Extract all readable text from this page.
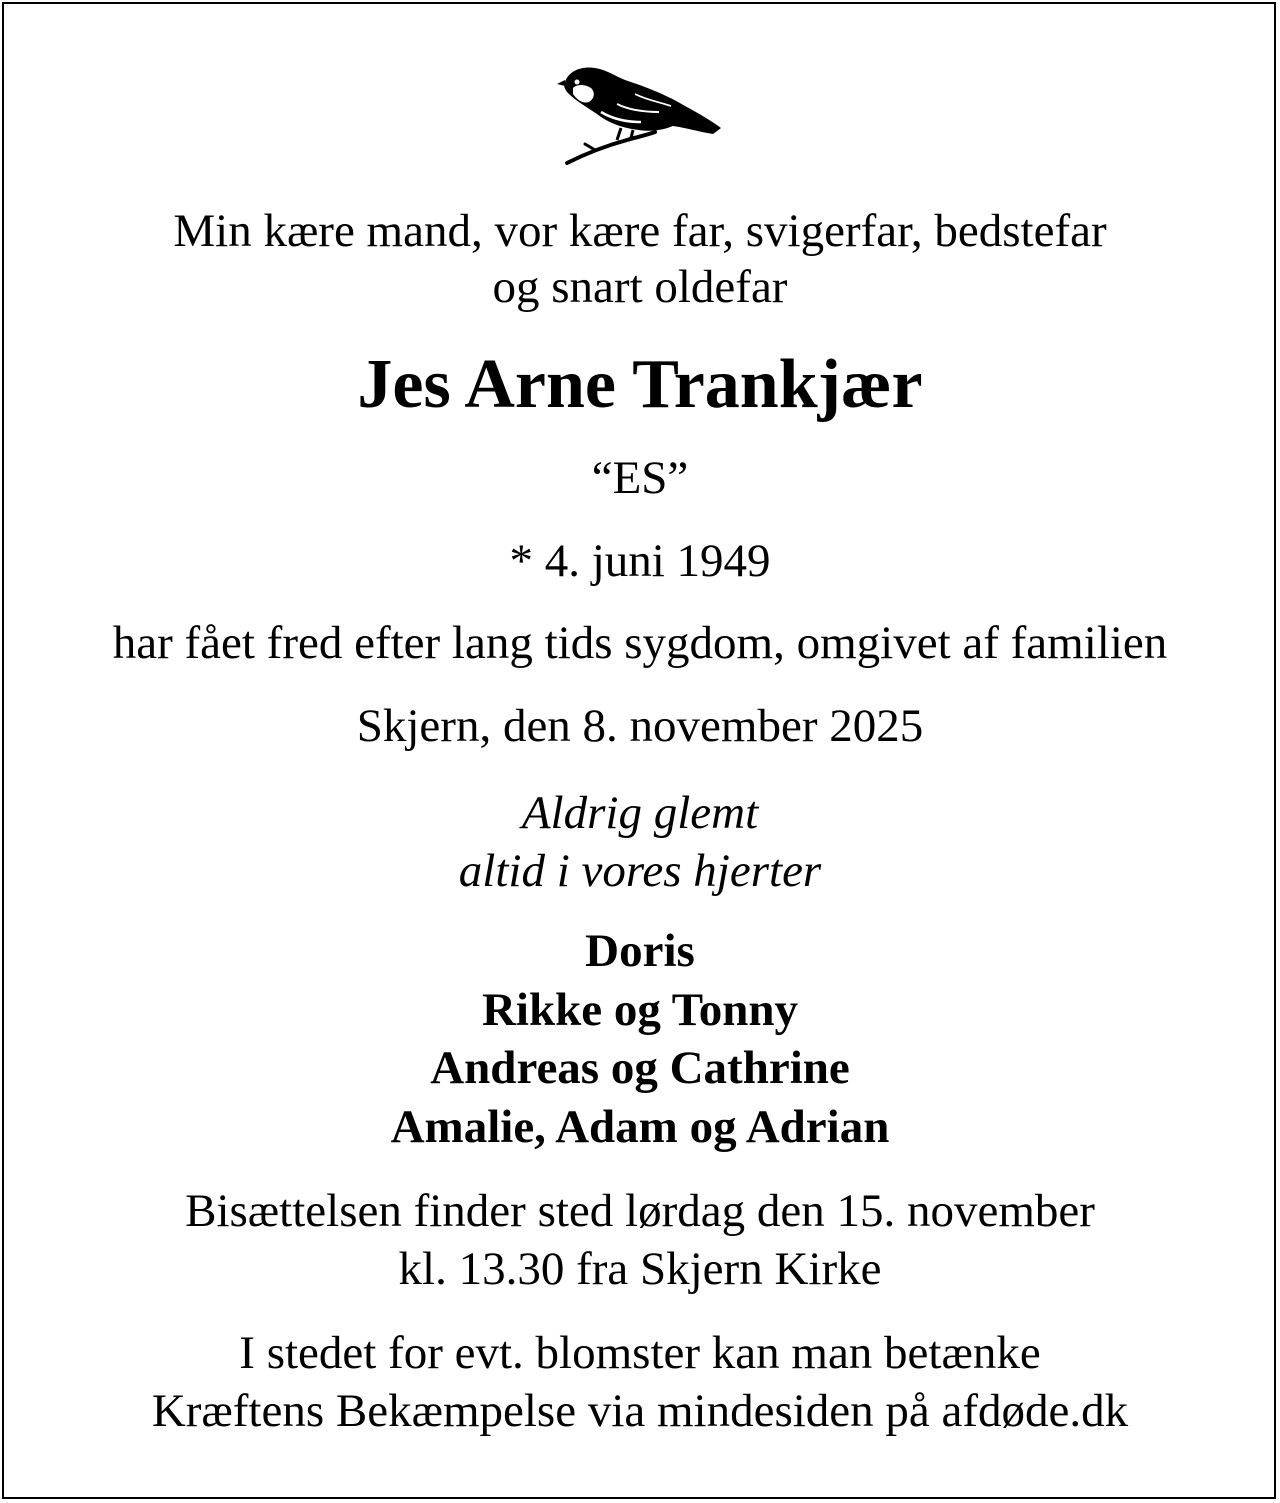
Min kære mand, vor kære far, svigerfar, bedstefar
og snart oldefar
Jes Arne Trankjær
“ES”
* 4. juni 1949
har fået fred efter lang tids sygdom, omgivet af familien
Skjern, den 8. november 2025
Aldrig glemt
altid i vores hjerter
Doris
Rikke og Tonny
Andreas og Cathrine
Amalie, Adam og Adrian
Bisættelsen finder sted lørdag den 15. november
kl. 13.30 fra Skjern Kirke
I stedet for evt. blomster kan man betænke
Kræftens Bekæmpelse via mindesiden på afdøde.dk
